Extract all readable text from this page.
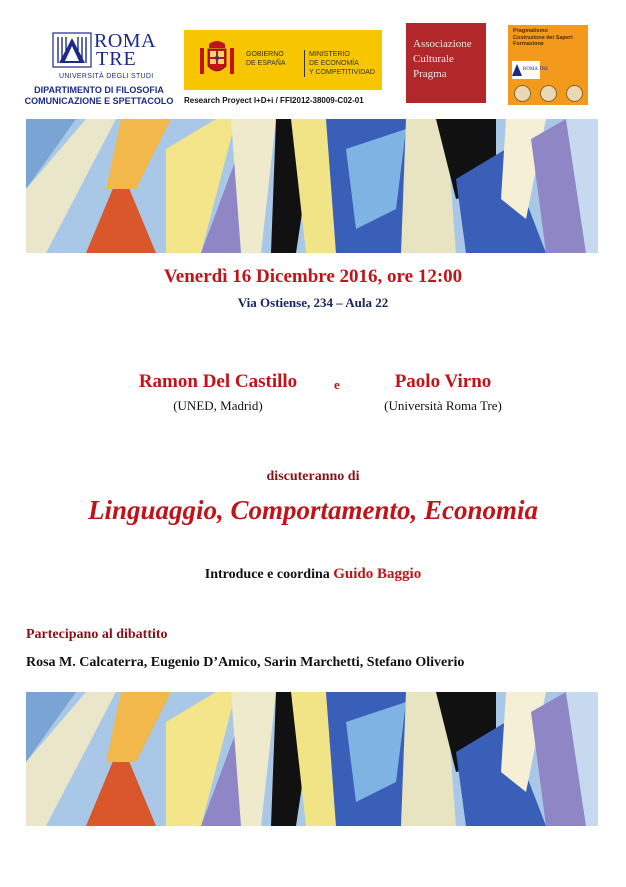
ROMA
TRE
UNIVERSITÀ DEGLI STUDI
DIPARTIMENTO DI FILOSOFIA
COMUNICAZIONE E SPETTACOLO
GOBIERNO
DE ESPAÑA
MINISTERIO
DE ECONOMÍA
Y COMPETITIVIDAD
Research Proyect I+D+i / FFI2012-38009-C02-01
Associazione
Culturale
Pragma
Pragmatismo
Costruzione dei Saperi
Formazione
ROMA TRE
Venerdì 16 Dicembre 2016, ore 12:00
Via Ostiense, 234 – Aula 22
Ramon Del Castillo
(UNED, Madrid)
e	Paolo Virno
(Università Roma Tre)
discuteranno di
Linguaggio, Comportamento, Economia
Introduce e coordina Guido Baggio
Partecipano al dibattito
Rosa M. Calcaterra, Eugenio D’Amico, Sarin Marchetti, Stefano Oliverio
